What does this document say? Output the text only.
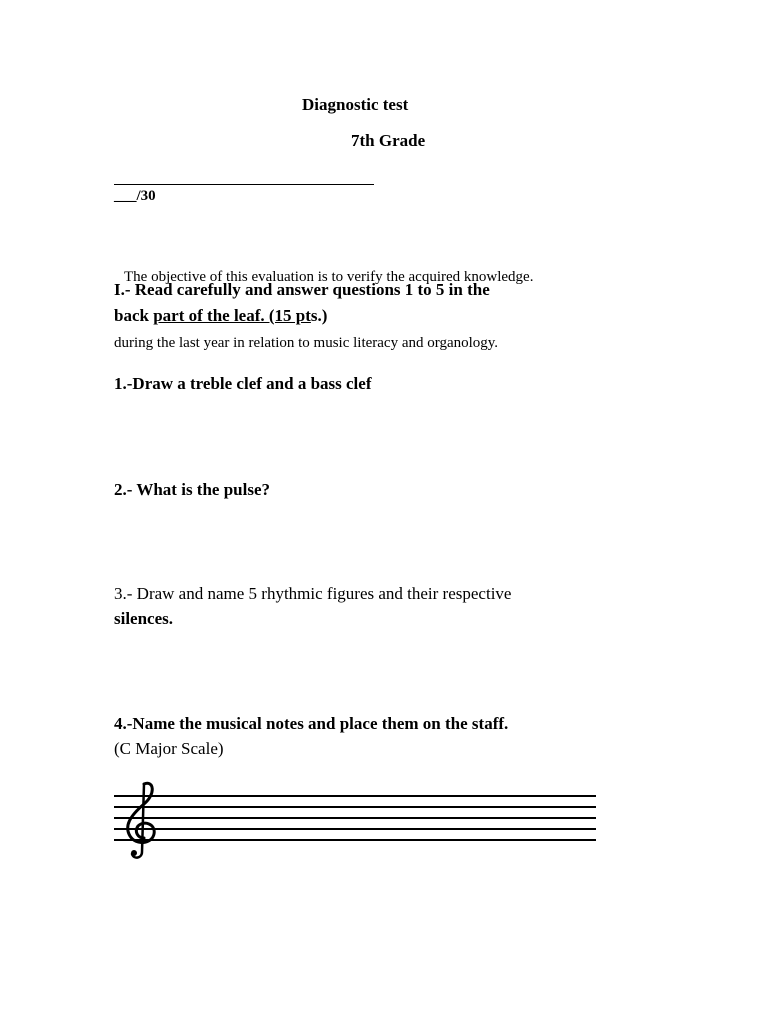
Diagnostic test
7th Grade
___/30

The objective of this evaluation is to verify the acquired knowledge.

during the last year in relation to music literacy and organology.

I.- Read carefully and answer questions 1 to 5 in the
back part of the leaf. (15 pts.)
1.-Draw a treble clef and a bass clef
2.- What is the pulse?
3.- Draw and name 5 rhythmic figures and their respective
silences.
4.-Name the musical notes and place them on the staff.
(C Major Scale)
